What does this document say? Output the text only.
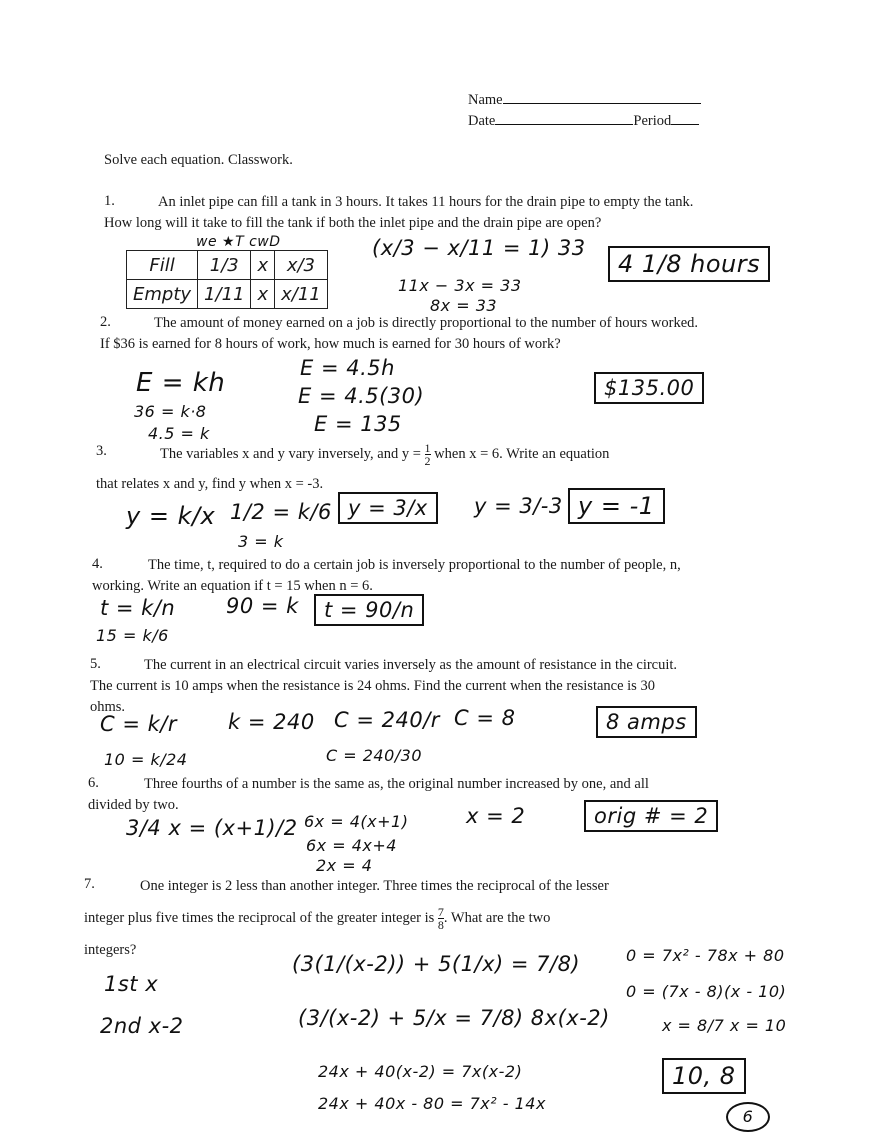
Name
Date	Period
Solve each equation. Classwork.
1.	An inlet pipe can fill a tank in 3 hours. It takes 11 hours for the drain pipe to empty the tank. How long will it take to fill the tank if both the inlet pipe and the drain pipe are open?
we ★T cwD
Fill	1/3	x	x/3
Empty	1/11	x	x/11
(x/3 − x/11 = 1) 33
11x − 3x = 33
8x = 33
4 1/8 hours
2.	The amount of money earned on a job is directly proportional to the number of hours worked. If $36 is earned for 8 hours of work, how much is earned for 30 hours of work?
E = kh
36 = k·8
4.5 = k
E = 4.5h
E = 4.5(30)
E = 135
$135.00
3.	The variables x and y vary inversely, and $y = \frac{1}{2}$ when x = 6. Write an equation
that relates x and y, find y when x = -3.
y = k/x 1/2 = k/6
3 = k
y = 3/x	y = 3/-3 y = -1
4.	The time, t, required to do a certain job is inversely proportional to the number of people, n, working. Write an equation if t = 15 when n = 6.
t = k/n
15 = k/6
90 = k	t = 90/n
5.	The current in an electrical circuit varies inversely as the amount of resistance in the circuit. The current is 10 amps when the resistance is 24 ohms. Find the current when the resistance is 30 ohms.
C = k/r
10 = k/24
k = 240 C = 240/r
C = 240/30
C = 8	8 amps
6.	Three fourths of a number is the same as, the original number increased by one, and all divided by two.
3/4 x = (x+1)/2 6x = 4(x+1)
6x = 4x+4
2x = 4
x = 2	orig # = 2
7.	One integer is 2 less than another integer. Three times the reciprocal of the lesser
integer plus five times the reciprocal of the greater integer is $\frac{7}{8}$ . What are the two
integers?
1st x
2nd x-2
(3(1/(x-2)) + 5(1/x) = 7/8)
(3/(x-2) + 5/x = 7/8) 8x(x-2)
24x + 40(x-2) = 7x(x-2)
24x + 40x - 80 = 7x² - 14x
0 = 7x² - 78x + 80
0 = (7x - 8)(x - 10)
x = 8/7 x = 10
10, 8
6
